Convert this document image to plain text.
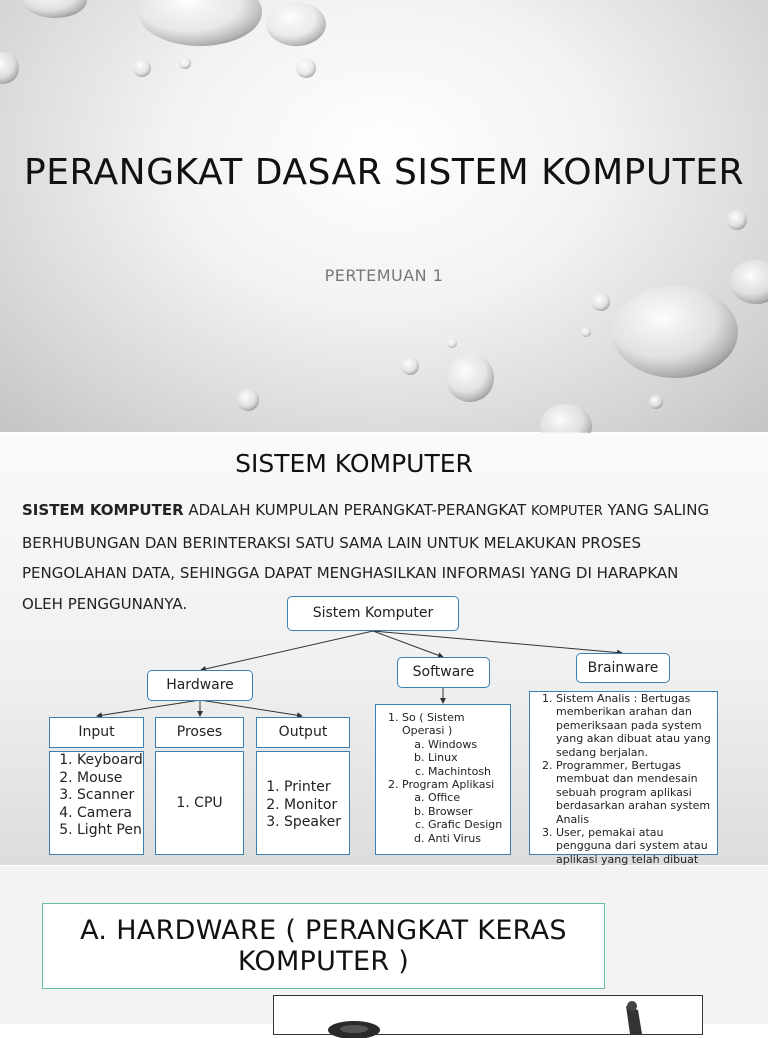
PERANGKAT DASAR SISTEM KOMPUTER
PERTEMUAN 1
SISTEM KOMPUTER
SISTEM KOMPUTER ADALAH KUMPULAN PERANGKAT-PERANGKAT KOMPUTER YANG SALING BERHUBUNGAN DAN BERINTERAKSI SATU SAMA LAIN UNTUK MELAKUKAN PROSES PENGOLAHAN DATA, SEHINGGA DAPAT MENGHASILKAN INFORMASI YANG DI HARAPKAN OLEH PENGGUNANYA.
Sistem Komputer
Hardware
Software	Brainware
Input	Proses	Output
1. Keyboard
2. Mouse
3. Scanner
4. Camera
5. Light Pen
1. CPU
1. Printer
2. Monitor
3. Speaker
1. So ( Sistem Operasi )
a. Windows
b. Linux
c. Machintosh
2. Program Aplikasi
a. Office
b. Browser
c. Grafic Design
d. Anti Virus
1. Sistem Analis : Bertugas memberikan arahan dan pemeriksaan pada system yang akan dibuat atau yang sedang berjalan.
2. Programmer, Bertugas membuat dan mendesain sebuah program aplikasi berdasarkan arahan system Analis
3. User, pemakai atau pengguna dari system atau aplikasi yang telah dibuat
A. HARDWARE ( PERANGKAT KERAS KOMPUTER )
